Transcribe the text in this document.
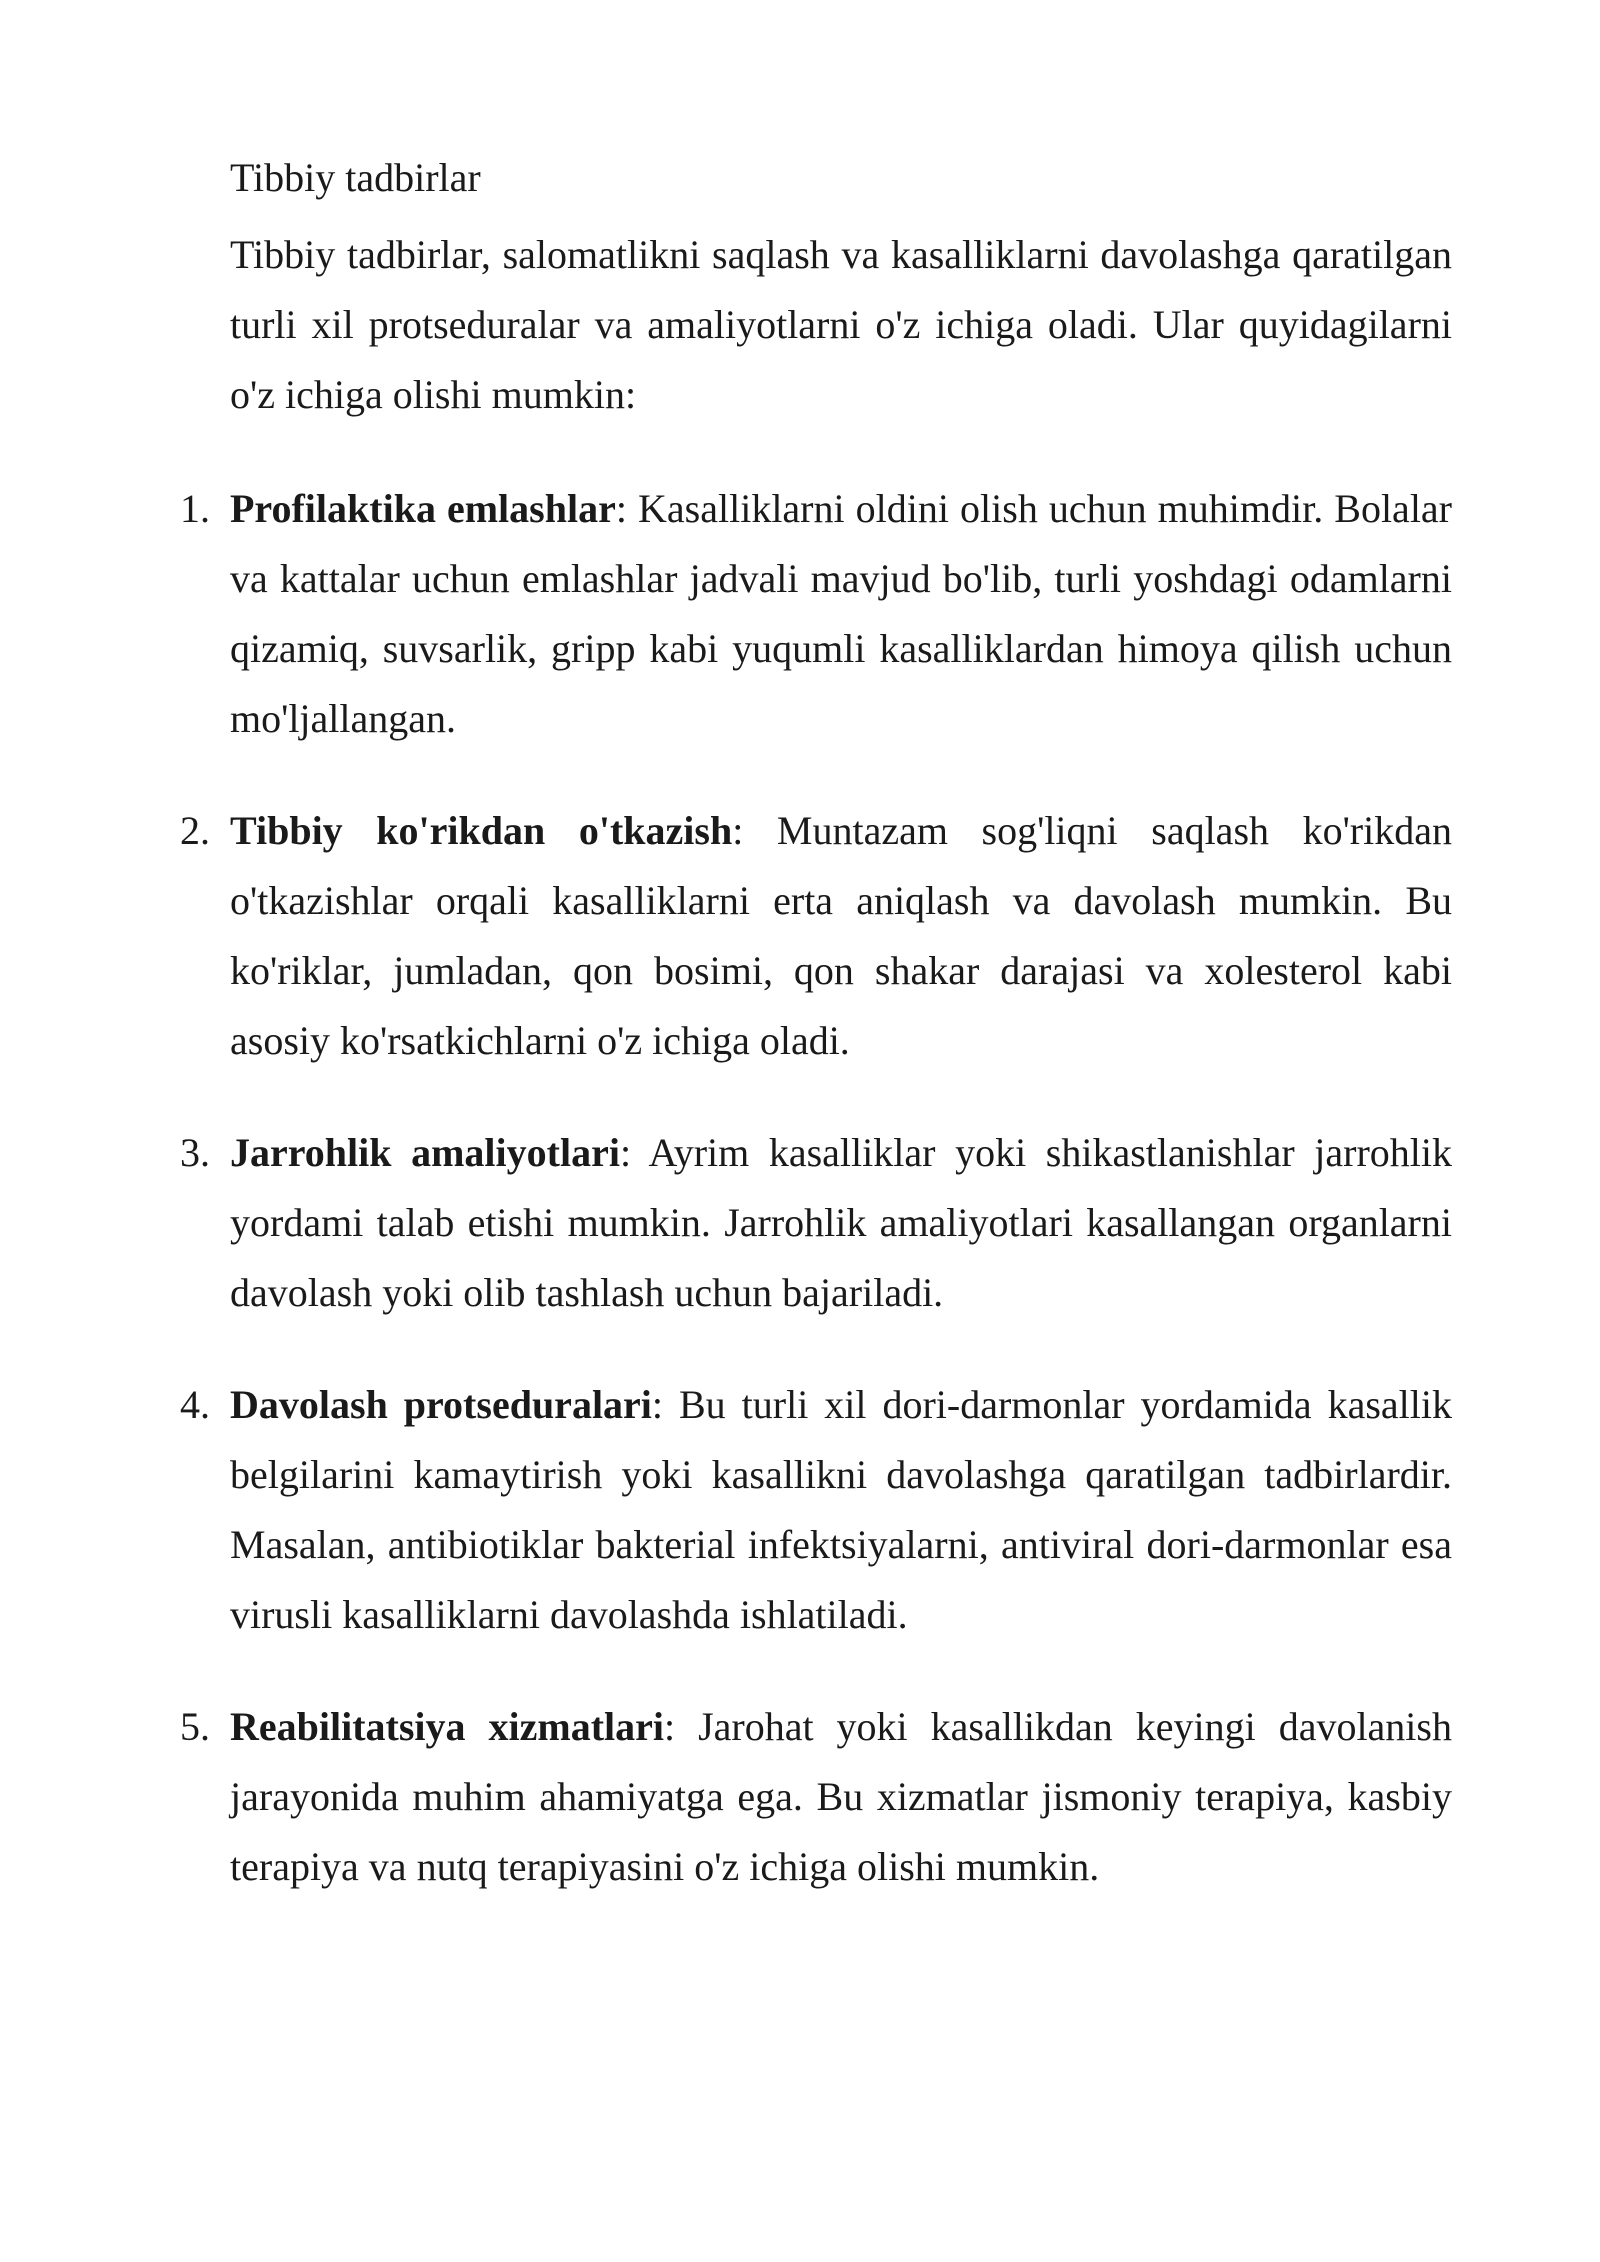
Tibbiy tadbirlar

Tibbiy tadbirlar, salomatlikni saqlash va kasalliklarni davolashga qaratilgan turli xil protseduralar va amaliyotlarni o'z ichiga oladi. Ular quyidagilarni o'z ichiga olishi mumkin:

1. Profilaktika emlashlar: Kasalliklarni oldini olish uchun muhimdir. Bolalar va kattalar uchun emlashlar jadvali mavjud bo'lib, turli yoshdagi odamlarni qizamiq, suvsarlik, gripp kabi yuqumli kasalliklardan himoya qilish uchun mo'ljallangan.
2. Tibbiy ko'rikdan o'tkazish: Muntazam sog'liqni saqlash ko'rikdan o'tkazishlar orqali kasalliklarni erta aniqlash va davolash mumkin. Bu ko'riklar, jumladan, qon bosimi, qon shakar darajasi va xolesterol kabi asosiy ko'rsatkichlarni o'z ichiga oladi.
3. Jarrohlik amaliyotlari: Ayrim kasalliklar yoki shikastlanishlar jarrohlik yordami talab etishi mumkin. Jarrohlik amaliyotlari kasallangan organlarni davolash yoki olib tashlash uchun bajariladi.
4. Davolash protseduralari: Bu turli xil dori-darmonlar yordamida kasallik belgilarini kamaytirish yoki kasallikni davolashga qaratilgan tadbirlardir. Masalan, antibiotiklar bakterial infektsiyalarni, antiviral dori-darmonlar esa virusli kasalliklarni davolashda ishlatiladi.
5. Reabilitatsiya xizmatlari: Jarohat yoki kasallikdan keyingi davolanish jarayonida muhim ahamiyatga ega. Bu xizmatlar jismoniy terapiya, kasbiy terapiya va nutq terapiyasini o'z ichiga olishi mumkin.
